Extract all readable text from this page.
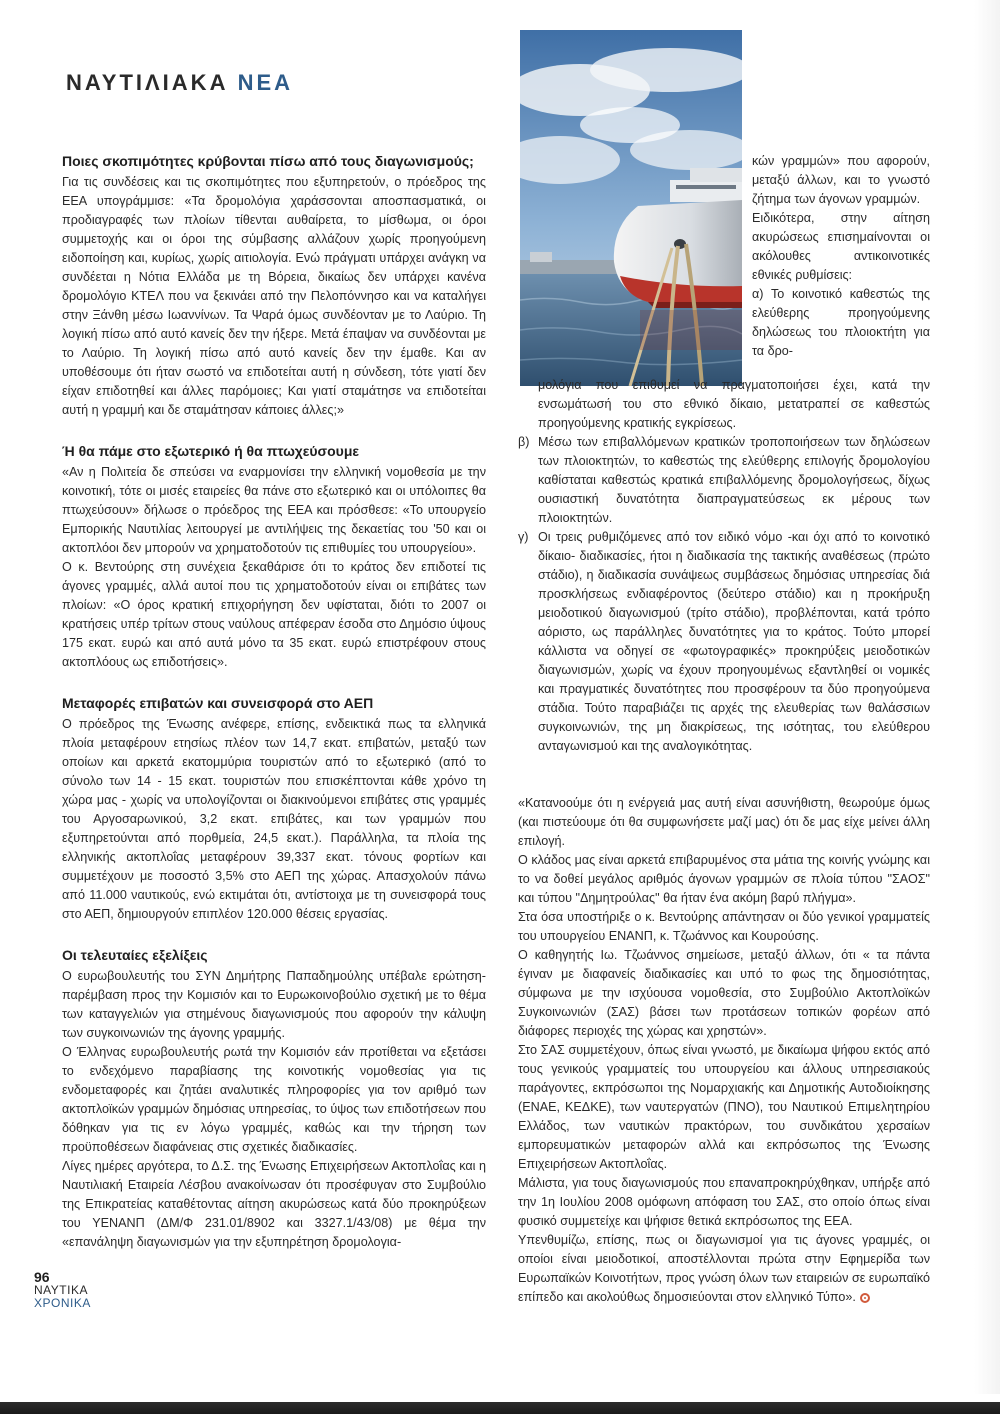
ΝΑΥΤΙΛΙΑΚΑ ΝΕΑ
Ποιες σκοπιμότητες κρύβονται πίσω από τους διαγωνισμούς;

Για τις συνδέσεις και τις σκοπιμότητες που εξυπηρετούν, ο πρόεδρος της ΕΕΑ υπογράμμισε: «Τα δρομολόγια χαράσσονται αποσπασματικά, οι προδιαγραφές των πλοίων τίθενται αυθαίρετα, το μίσθωμα, οι όροι συμμετοχής και οι όροι της σύμβασης αλλάζουν χωρίς προηγούμενη ειδοποίηση και, κυρίως, χωρίς αιτιολογία. Ενώ πράγματι υπάρχει ανάγκη να συνδέεται η Νότια Ελλάδα με τη Βόρεια, δικαίως δεν υπάρχει κανένα δρομολόγιο ΚΤΕΛ που να ξεκινάει από την Πελοπόννησο και να καταλήγει στην Ξάνθη μέσω Ιωαννίνων. Τα Ψαρά όμως συνδέονταν με το Λαύριο. Τη λογική πίσω από αυτό κανείς δεν την ήξερε. Μετά έπαψαν να συνδέονται με το Λαύριο. Τη λογική πίσω από αυτό κανείς δεν την έμαθε. Και αν υποθέσουμε ότι ήταν σωστό να επιδοτείται αυτή η σύνδεση, τότε γιατί δεν είχαν επιδοτηθεί και άλλες παρόμοιες; Και γιατί σταμάτησε να επιδοτείται αυτή η γραμμή και δε σταμάτησαν κάποιες άλλες;»

Ή θα πάμε στο εξωτερικό ή θα πτωχεύσουμε

«Αν η Πολιτεία δε σπεύσει να εναρμονίσει την ελληνική νομοθεσία με την κοινοτική, τότε οι μισές εταιρείες θα πάνε στο εξωτερικό και οι υπόλοιπες θα πτωχεύσουν» δήλωσε ο πρόεδρος της ΕΕΑ και πρόσθεσε: «Το υπουργείο Εμπορικής Ναυτιλίας λειτουργεί με αντιλήψεις της δεκαετίας του '50 και οι ακτοπλόοι δεν μπορούν να χρηματοδοτούν τις επιθυμίες του υπουργείου».

Ο κ. Βεντούρης στη συνέχεια ξεκαθάρισε ότι το κράτος δεν επιδοτεί τις άγονες γραμμές, αλλά αυτοί που τις χρηματοδοτούν είναι οι επιβάτες των πλοίων: «Ο όρος κρατική επιχορήγηση δεν υφίσταται, διότι το 2007 οι κρατήσεις υπέρ τρίτων στους ναύλους απέφεραν έσοδα στο Δημόσιο ύψους 175 εκατ. ευρώ και από αυτά μόνο τα 35 εκατ. ευρώ επιστρέφουν στους ακτοπλόους ως επιδοτήσεις».

Μεταφορές επιβατών και συνεισφορά στο ΑΕΠ

Ο πρόεδρος της Ένωσης ανέφερε, επίσης, ενδεικτικά πως τα ελληνικά πλοία μεταφέρουν ετησίως πλέον των 14,7 εκατ. επιβατών, μεταξύ των οποίων και αρκετά εκατομμύρια τουριστών από το εξωτερικό (από το σύνολο των 14 - 15 εκατ. τουριστών που επισκέπτονται κάθε χρόνο τη χώρα μας - χωρίς να υπολογίζονται οι διακινούμενοι επιβάτες στις γραμμές του Αργοσαρωνικού, 3,2 εκατ. επιβάτες, και των γραμμών που εξυπηρετούνται από πορθμεία, 24,5 εκατ.). Παράλληλα, τα πλοία της ελληνικής ακτοπλοΐας μεταφέρουν 39,337 εκατ. τόνους φορτίων και συμμετέχουν με ποσοστό 3,5% στο ΑΕΠ της χώρας. Απασχολούν πάνω από 11.000 ναυτικούς, ενώ εκτιμάται ότι, αντίστοιχα με τη συνεισφορά τους στο ΑΕΠ, δημιουργούν επιπλέον 120.000 θέσεις εργασίας.

Οι τελευταίες εξελίξεις

Ο ευρωβουλευτής του ΣΥΝ Δημήτρης Παπαδημούλης υπέβαλε ερώτηση-παρέμβαση προς την Κομισιόν και το Ευρωκοινοβούλιο σχετική με το θέμα των καταγγελιών για στημένους διαγωνισμούς που αφορούν την κάλυψη των συγκοινωνιών της άγονης γραμμής.

Ο Έλληνας ευρωβουλευτής ρωτά την Κομισιόν εάν προτίθεται να εξετάσει το ενδεχόμενο παραβίασης της κοινοτικής νομοθεσίας για τις ενδομεταφορές και ζητάει αναλυτικές πληροφορίες για τον αριθμό των ακτοπλοϊκών γραμμών δημόσιας υπηρεσίας, το ύψος των επιδοτήσεων που δόθηκαν για τις εν λόγω γραμμές, καθώς και την τήρηση των προϋποθέσεων διαφάνειας στις σχετικές διαδικασίες.

Λίγες ημέρες αργότερα, το Δ.Σ. της Ένωσης Επιχειρήσεων Ακτοπλοΐας και η Ναυτιλιακή Εταιρεία Λέσβου ανακοίνωσαν ότι προσέφυγαν στο Συμβούλιο της Επικρατείας καταθέτοντας αίτηση ακυρώσεως κατά δύο προκηρύξεων του ΥΕΝΑΝΠ (ΔΜ/Φ 231.01/8902 και 3327.1/43/08) με θέμα την «επανάληψη διαγωνισμών για την εξυπηρέτηση δρομολογια-

κών γραμμών» που αφορούν, μεταξύ άλλων, και το γνωστό ζήτημα των άγονων γραμμών.

Ειδικότερα, στην αίτηση ακυρώσεως επισημαίνονται οι ακόλουθες αντικοινοτικές εθνικές ρυθμίσεις:

α) Το κοινοτικό καθεστώς της ελεύθερης προηγούμενης δηλώσεως του πλοιοκτήτη για τα δρο-

μολόγια που επιθυμεί να πραγματοποιήσει έχει, κατά την ενσωμάτωσή του στο εθνικό δίκαιο, μετατραπεί σε καθεστώς προηγούμενης κρατικής εγκρίσεως.

β) Μέσω των επιβαλλόμενων κρατικών τροποποιήσεων των δηλώσεων των πλοιοκτητών, το καθεστώς της ελεύθερης επιλογής δρομολογίου καθίσταται καθεστώς κρατικά επιβαλλόμενης δρομολογήσεως, δίχως ουσιαστική δυνατότητα διαπραγματεύσεως εκ μέρους των πλοιοκτητών.

γ) Οι τρεις ρυθμιζόμενες από τον ειδικό νόμο -και όχι από το κοινοτικό δίκαιο- διαδικασίες, ήτοι η διαδικασία της τακτικής αναθέσεως (πρώτο στάδιο), η διαδικασία συνάψεως συμβάσεως δημόσιας υπηρεσίας διά προσκλήσεως ενδιαφέροντος (δεύτερο στάδιο) και η προκήρυξη μειοδοτικού διαγωνισμού (τρίτο στάδιο), προβλέπονται, κατά τρόπο αόριστο, ως παράλληλες δυνατότητες για το κράτος. Τούτο μπορεί κάλλιστα να οδηγεί σε «φωτογραφικές» προκηρύξεις μειοδοτικών διαγωνισμών, χωρίς να έχουν προηγουμένως εξαντληθεί οι νομικές και πραγματικές δυνατότητες που προσφέρουν τα δύο προηγούμενα στάδια. Τούτο παραβιάζει τις αρχές της ελευθερίας των θαλάσσιων συγκοινωνιών, της μη διακρίσεως, της ισότητας, του ελεύθερου ανταγωνισμού και της αναλογικότητας.

«Κατανοούμε ότι η ενέργειά μας αυτή είναι ασυνήθιστη, θεωρούμε όμως (και πιστεύουμε ότι θα συμφωνήσετε μαζί μας) ότι δε μας είχε μείνει άλλη επιλογή.

Ο κλάδος μας είναι αρκετά επιβαρυμένος στα μάτια της κοινής γνώμης και το να δοθεί μεγάλος αριθμός άγονων γραμμών σε πλοία τύπου "ΣΑΟΣ" και τύπου "Δημητρούλας" θα ήταν ένα ακόμη βαρύ πλήγμα».

Στα όσα υποστήριξε ο κ. Βεντούρης απάντησαν οι δύο γενικοί γραμματείς του υπουργείου ΕΝΑΝΠ, κ. Τζωάννος και Κουρούσης.

Ο καθηγητής Ιω. Τζωάννος σημείωσε, μεταξύ άλλων, ότι « τα πάντα έγιναν με διαφανείς διαδικασίες και υπό το φως της δημοσιότητας, σύμφωνα με την ισχύουσα νομοθεσία, στο Συμβούλιο Ακτοπλοϊκών Συγκοινωνιών (ΣΑΣ) βάσει των προτάσεων τοπικών φορέων από διάφορες περιοχές της χώρας και χρηστών».

Στο ΣΑΣ συμμετέχουν, όπως είναι γνωστό, με δικαίωμα ψήφου εκτός από τους γενικούς γραμματείς του υπουργείου και άλλους υπηρεσιακούς παράγοντες, εκπρόσωποι της Νομαρχιακής και Δημοτικής Αυτοδιοίκησης (ΕΝΑΕ, ΚΕΔΚΕ), των ναυτεργατών (ΠΝΟ), του Ναυτικού Επιμελητηρίου Ελλάδος, των ναυτικών πρακτόρων, του συνδικάτου χερσαίων εμπορευματικών μεταφορών αλλά και εκπρόσωπος της Ένωσης Επιχειρήσεων Ακτοπλοΐας.

Μάλιστα, για τους διαγωνισμούς που επαναπροκηρύχθηκαν, υπήρξε από την 1η Ιουλίου 2008 ομόφωνη απόφαση του ΣΑΣ, στο οποίο όπως είναι φυσικό συμμετείχε και ψήφισε θετικά εκπρόσωπος της ΕΕΑ.

Υπενθυμίζω, επίσης, πως οι διαγωνισμοί για τις άγονες γραμμές, οι οποίοι είναι μειοδοτικοί, αποστέλλονται πρώτα στην Εφημερίδα των Ευρωπαϊκών Κοινοτήτων, προς γνώση όλων των εταιρειών σε ευρωπαϊκό επίπεδο και ακολούθως δημοσιεύονται στον ελληνικό Τύπο».

96
ΝΑΥΤΙΚΑ
ΧΡΟΝΙΚΑ
